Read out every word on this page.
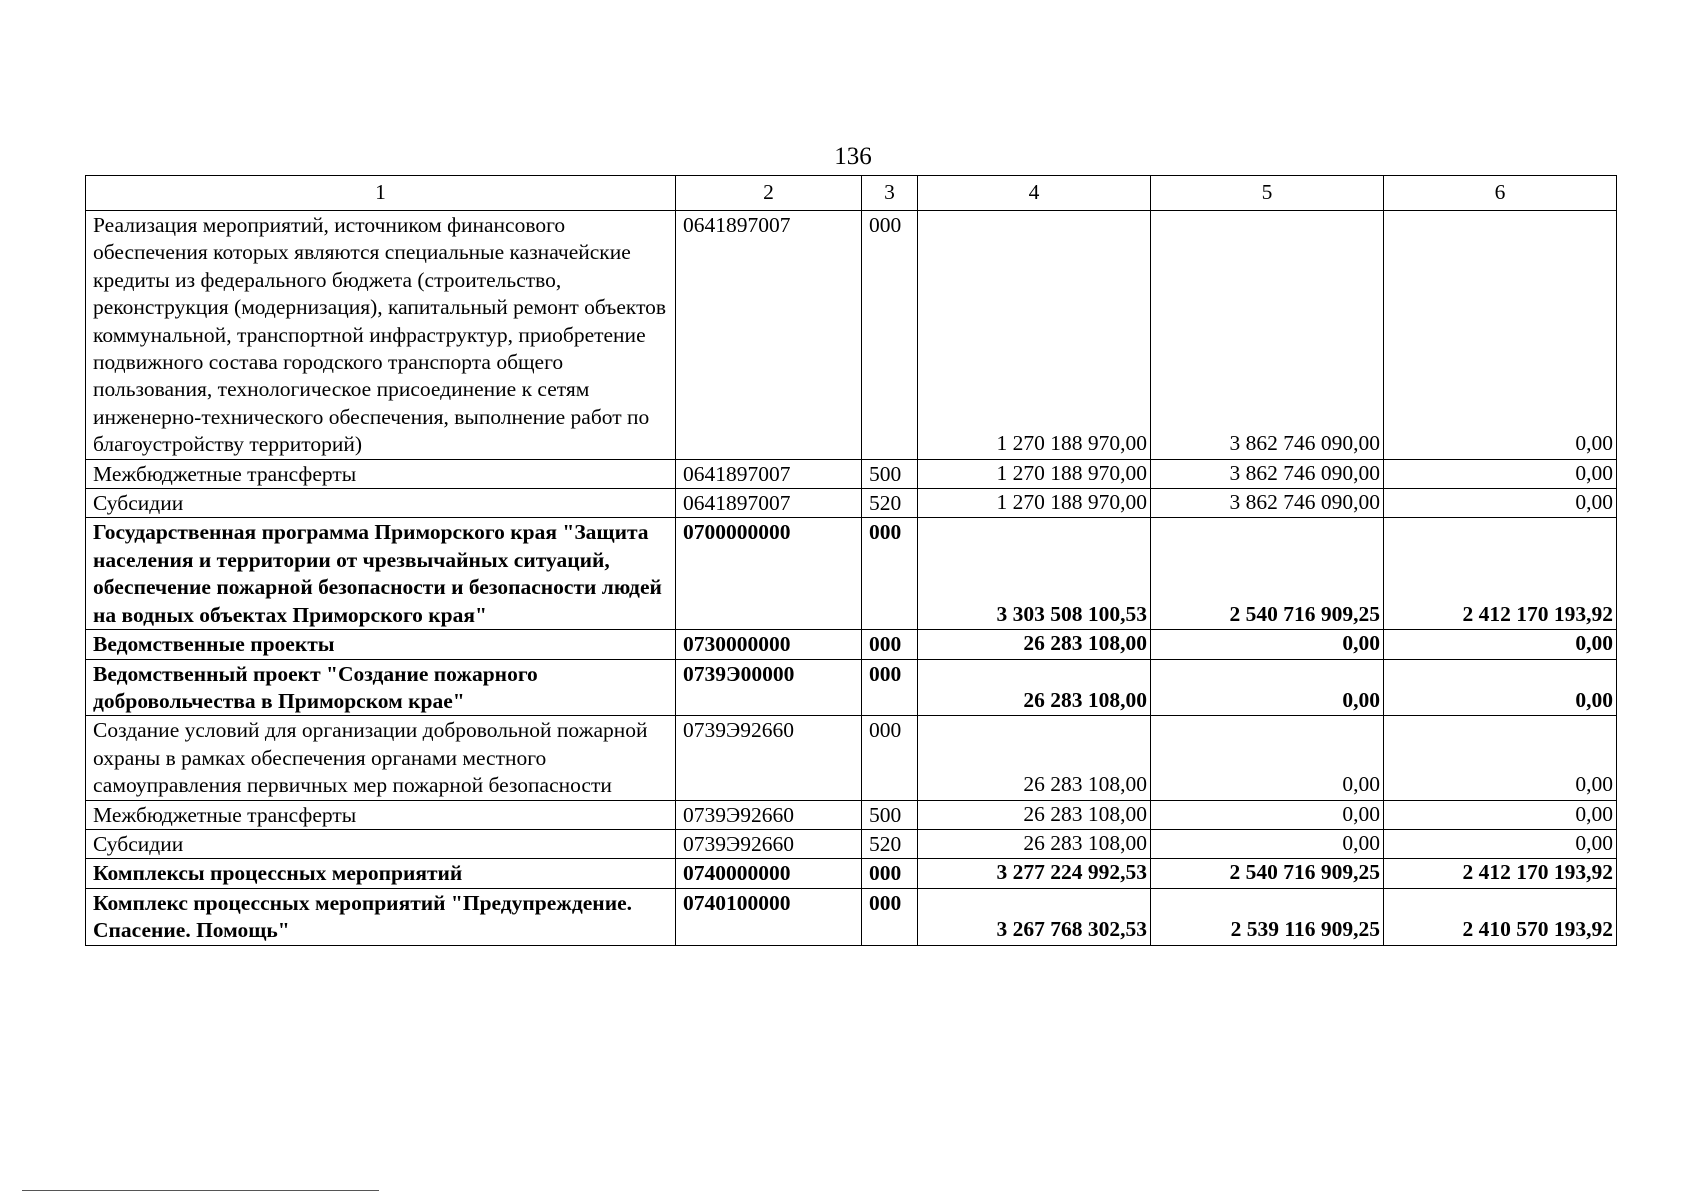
136
1	2	3	4	5	6
Реализация мероприятий, источником финансового обеспечения которых являются специальные казначейские кредиты из федерального бюджета (строительство, реконструкция (модернизация), капитальный ремонт объектов коммунальной, транспортной инфраструктур, приобретение подвижного состава городского транспорта общего пользования, технологическое присоединение к сетям инженерно-технического обеспечения, выполнение работ по благоустройству территорий)	0641897007	000	1 270 188 970,00	3 862 746 090,00	0,00
Межбюджетные трансферты	0641897007	500	1 270 188 970,00	3 862 746 090,00	0,00
Субсидии	0641897007	520	1 270 188 970,00	3 862 746 090,00	0,00
Государственная программа Приморского края "Защита населения и территории от чрезвычайных ситуаций, обеспечение пожарной безопасности и безопасности людей на водных объектах Приморского края"	0700000000	000	3 303 508 100,53	2 540 716 909,25	2 412 170 193,92
Ведомственные проекты	0730000000	000	26 283 108,00	0,00	0,00
Ведомственный проект "Создание пожарного добровольчества в Приморском крае"	0739Э00000	000	26 283 108,00	0,00	0,00
Создание условий для организации добровольной пожарной охраны в рамках обеспечения органами местного самоуправления первичных мер пожарной безопасности	0739Э92660	000	26 283 108,00	0,00	0,00
Межбюджетные трансферты	0739Э92660	500	26 283 108,00	0,00	0,00
Субсидии	0739Э92660	520	26 283 108,00	0,00	0,00
Комплексы процессных мероприятий	0740000000	000	3 277 224 992,53	2 540 716 909,25	2 412 170 193,92
Комплекс процессных мероприятий "Предупреждение. Спасение. Помощь"	0740100000	000	3 267 768 302,53	2 539 116 909,25	2 410 570 193,92
